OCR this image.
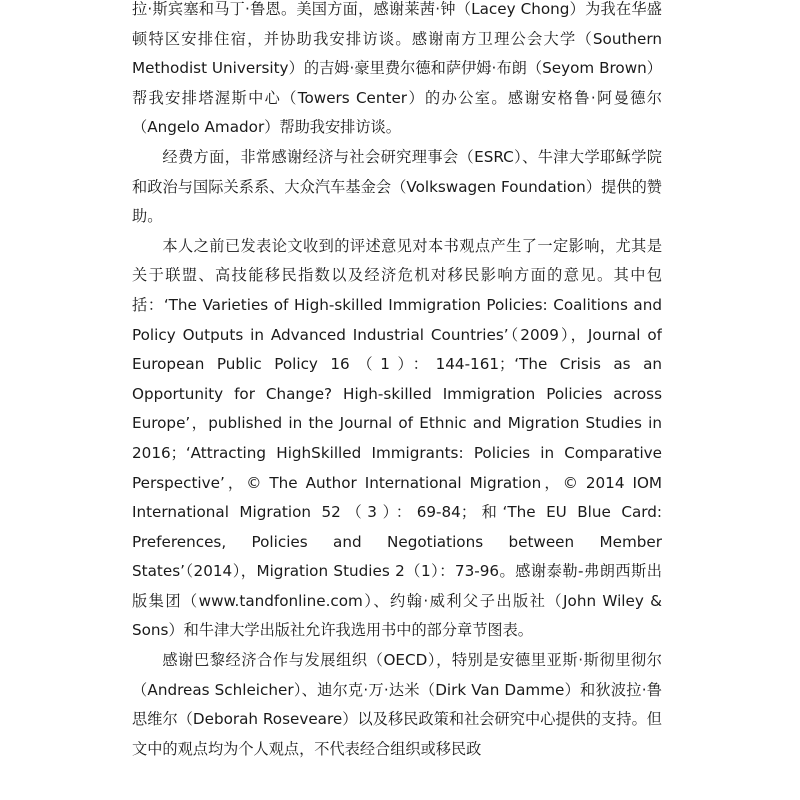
拉·斯宾塞和马丁·鲁恩。美国方面，感谢莱茜·钟（Lacey Chong）为我在华盛顿特区安排住宿，并协助我安排访谈。感谢南方卫理公会大学（Southern Methodist University）的吉姆·豪里费尔德和萨伊姆·布朗（Seyom Brown）帮我安排塔渥斯中心（Towers Center）的办公室。感谢安格鲁·阿曼德尔（Angelo Amador）帮助我安排访谈。

经费方面，非常感谢经济与社会研究理事会（ESRC）、牛津大学耶稣学院和政治与国际关系系、大众汽车基金会（Volkswagen Foundation）提供的赞助。

本人之前已发表论文收到的评述意见对本书观点产生了一定影响，尤其是关于联盟、高技能移民指数以及经济危机对移民影响方面的意见。其中包括：‘The Varieties of High-skilled Immigration Policies: Coalitions and Policy Outputs in Advanced Industrial Countries’（2009），Journal of European Public Policy 16（1）：144-161；‘The Crisis as an Opportunity for Change? High-skilled Immigration Policies across Europe’，published in the Journal of Ethnic and Migration Studies in 2016；‘Attracting HighSkilled Immigrants: Policies in Comparative Perspective’，© The Author International Migration，© 2014 IOM International Migration 52（3）：69-84；和‘The EU Blue Card: Preferences, Policies and Negotiations between Member States’（2014），Migration Studies 2（1）：73-96。感谢泰勒-弗朗西斯出版集团（www.tandfonline.com）、约翰·威利父子出版社（John Wiley & Sons）和牛津大学出版社允许我选用书中的部分章节图表。

感谢巴黎经济合作与发展组织（OECD），特别是安德里亚斯·斯彻里彻尔（Andreas Schleicher）、迪尔克·万·达米（Dirk Van Damme）和狄波拉·鲁思维尔（Deborah Roseveare）以及移民政策和社会研究中心提供的支持。但文中的观点均为个人观点，不代表经合组织或移民政
